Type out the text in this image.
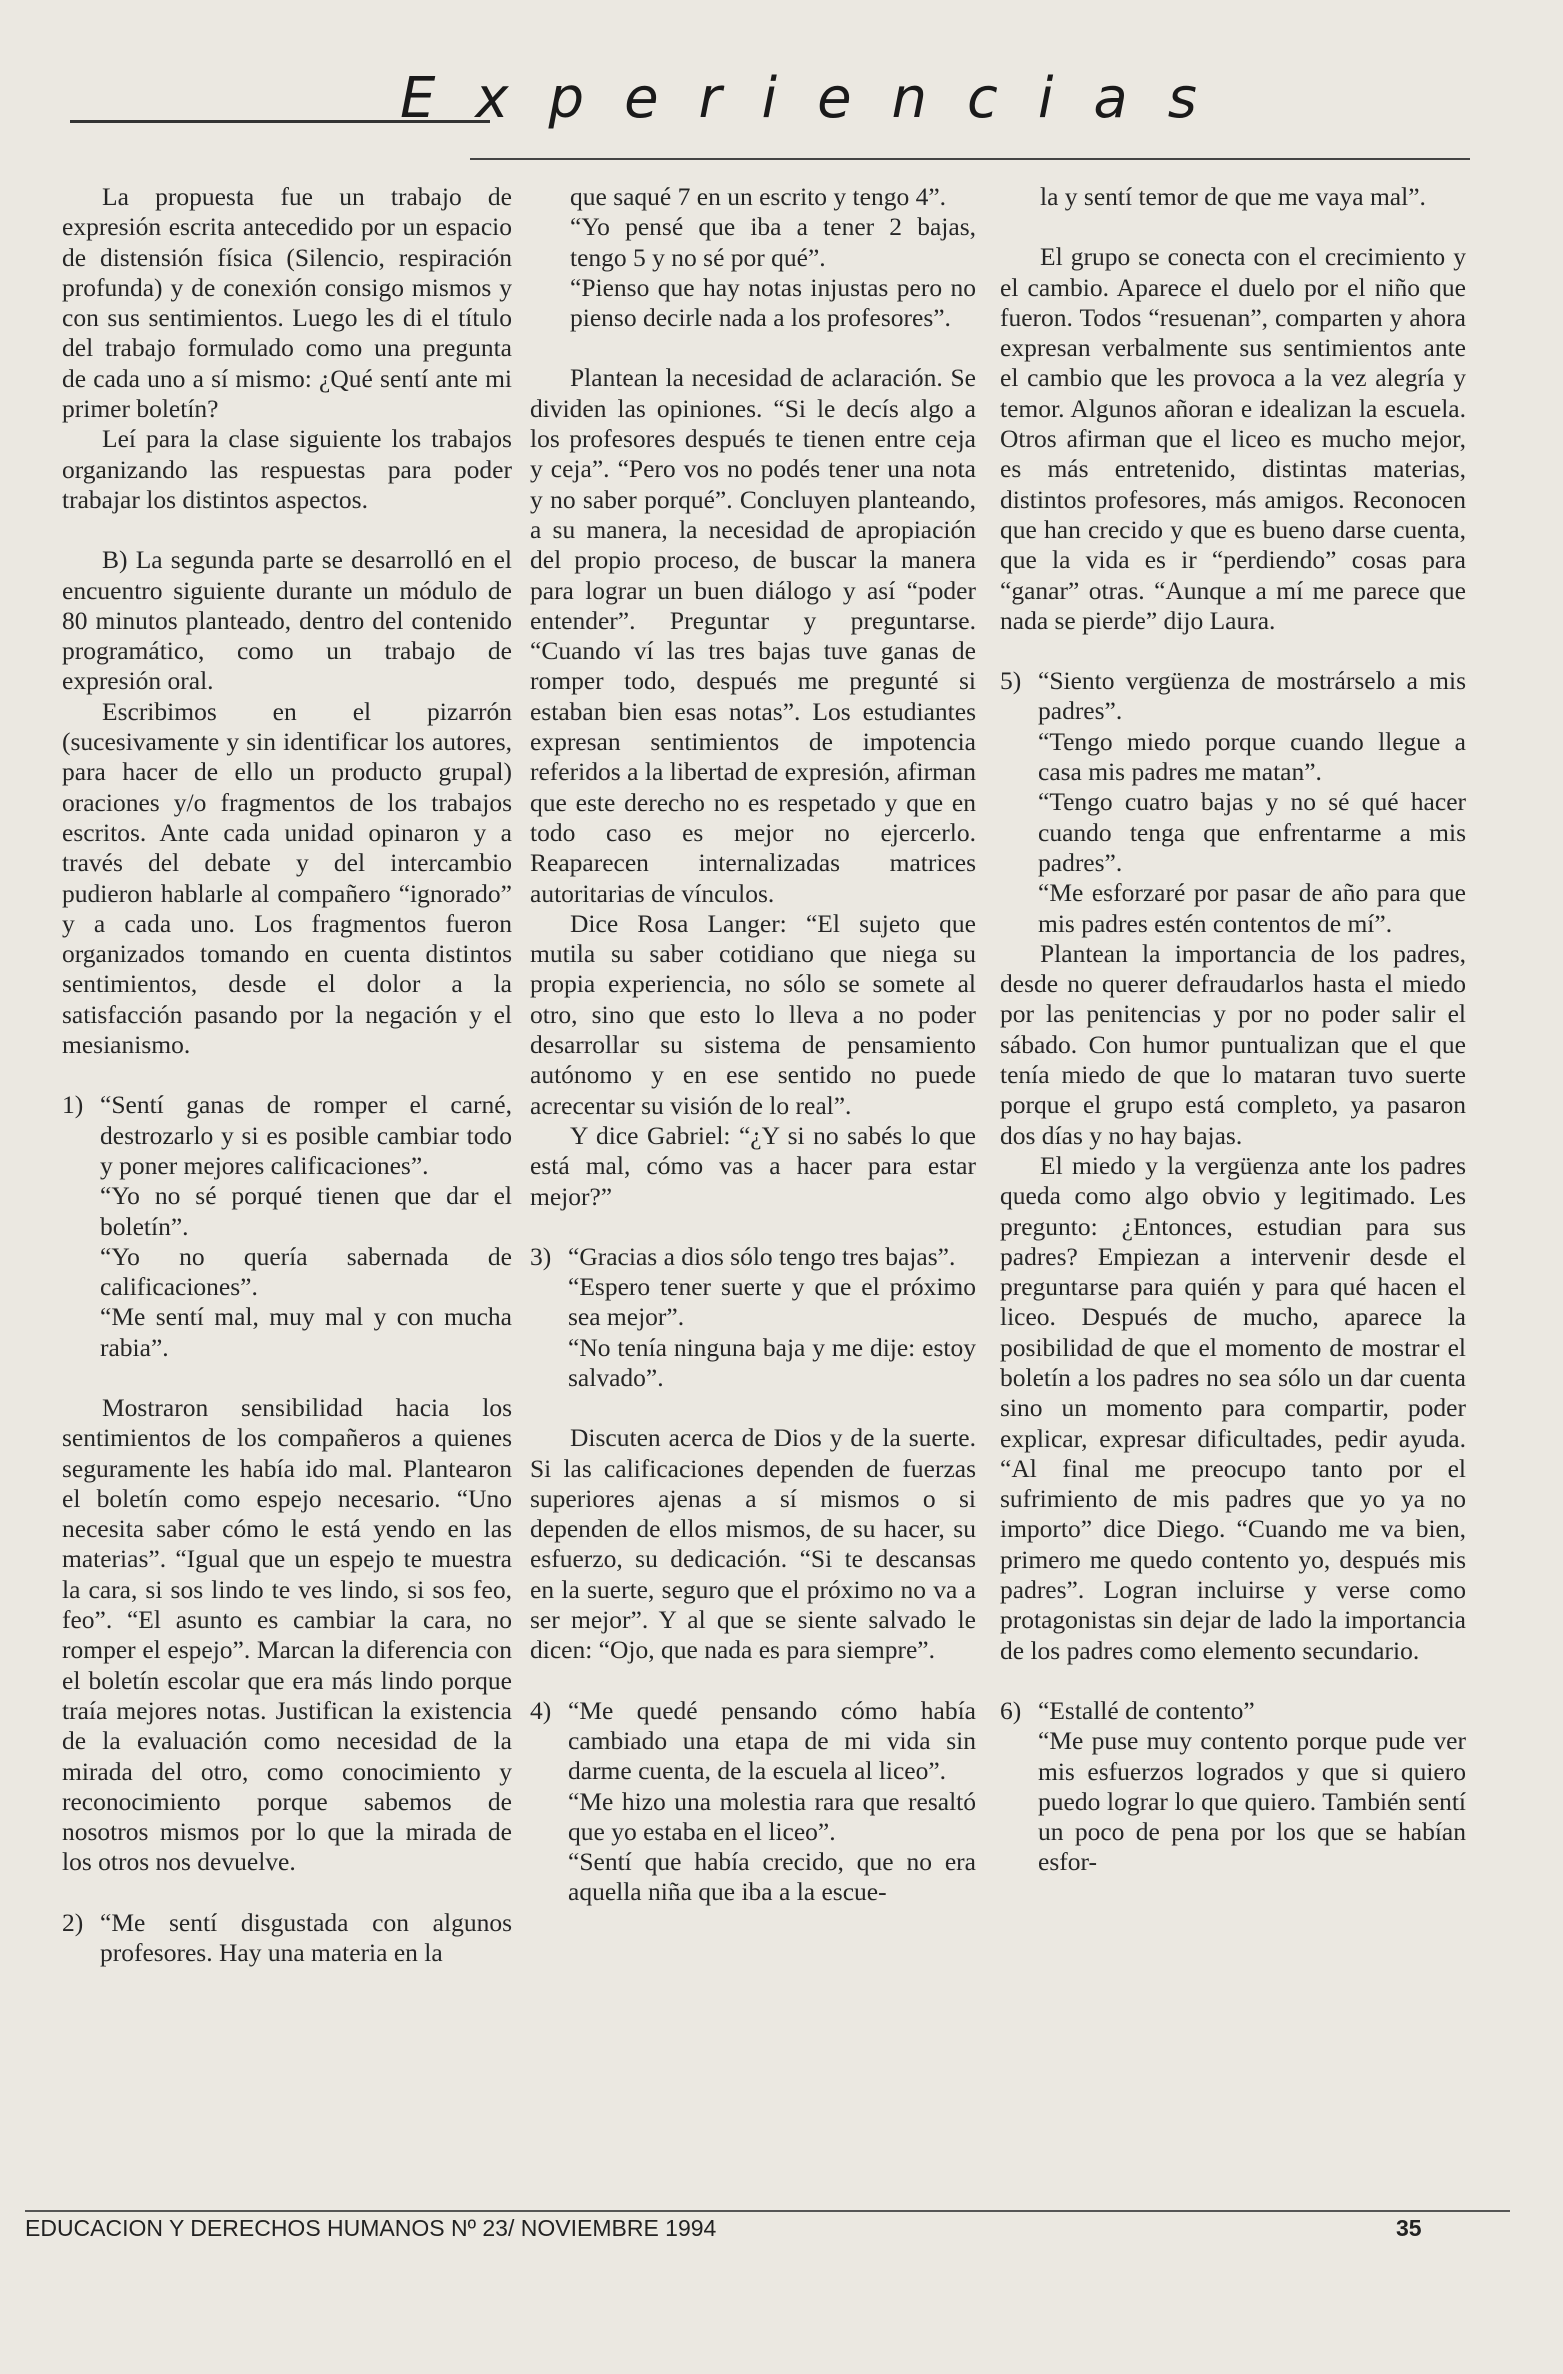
Experiencias

La propuesta fue un trabajo de expresión escrita antecedido por un espacio de distensión física (Silencio, respiración profunda) y de conexión consigo mismos y con sus sentimientos. Luego les di el título del trabajo formulado como una pregunta de cada uno a sí mismo: ¿Qué sentí ante mi primer boletín?

Leí para la clase siguiente los trabajos organizando las respuestas para poder trabajar los distintos aspectos.

B) La segunda parte se desarrolló en el encuentro siguiente durante un módulo de 80 minutos planteado, dentro del contenido programático, como un trabajo de expresión oral.

Escribimos en el pizarrón (sucesivamente y sin identificar los autores, para hacer de ello un producto grupal) oraciones y/o fragmentos de los trabajos escritos. Ante cada unidad opinaron y a través del debate y del intercambio pudieron hablarle al compañero “ignorado” y a cada uno. Los fragmentos fueron organizados tomando en cuenta distintos sentimientos, desde el dolor a la satisfacción pasando por la negación y el mesianismo.

1) “Sentí ganas de romper el carné, destrozarlo y si es posible cambiar todo y poner mejores calificaciones”.

“Yo no sé porqué tienen que dar el boletín”.

“Yo no quería sabernada de calificaciones”.

“Me sentí mal, muy mal y con mucha rabia”.

Mostraron sensibilidad hacia los sentimientos de los compañeros a quienes seguramente les había ido mal. Plantearon el boletín como espejo necesario. “Uno necesita saber cómo le está yendo en las materias”. “Igual que un espejo te muestra la cara, si sos lindo te ves lindo, si sos feo, feo”. “El asunto es cambiar la cara, no romper el espejo”. Marcan la diferencia con el boletín escolar que era más lindo porque traía mejores notas. Justifican la existencia de la evaluación como necesidad de la mirada del otro, como conocimiento y reconocimiento porque sabemos de nosotros mismos por lo que la mirada de los otros nos devuelve.

2) “Me sentí disgustada con algunos profesores. Hay una materia en la

que saqué 7 en un escrito y tengo 4”.

“Yo pensé que iba a tener 2 bajas, tengo 5 y no sé por qué”.

“Pienso que hay notas injustas pero no pienso decirle nada a los profesores”.

Plantean la necesidad de aclaración. Se dividen las opiniones. “Si le decís algo a los profesores después te tienen entre ceja y ceja”. “Pero vos no podés tener una nota y no saber porqué”. Concluyen planteando, a su manera, la necesidad de apropiación del propio proceso, de buscar la manera para lograr un buen diálogo y así “poder entender”. Preguntar y preguntarse. “Cuando ví las tres bajas tuve ganas de romper todo, después me pregunté si estaban bien esas notas”. Los estudiantes expresan sentimientos de impotencia referidos a la libertad de expresión, afirman que este derecho no es respetado y que en todo caso es mejor no ejercerlo. Reaparecen internalizadas matrices autoritarias de vínculos.

Dice Rosa Langer: “El sujeto que mutila su saber cotidiano que niega su propia experiencia, no sólo se somete al otro, sino que esto lo lleva a no poder desarrollar su sistema de pensamiento autónomo y en ese sentido no puede acrecentar su visión de lo real”.

Y dice Gabriel: “¿Y si no sabés lo que está mal, cómo vas a hacer para estar mejor?”

3) “Gracias a dios sólo tengo tres bajas”.

“Espero tener suerte y que el próximo sea mejor”.

“No tenía ninguna baja y me dije: estoy salvado”.

Discuten acerca de Dios y de la suerte. Si las calificaciones dependen de fuerzas superiores ajenas a sí mismos o si dependen de ellos mismos, de su hacer, su esfuerzo, su dedicación. “Si te descansas en la suerte, seguro que el próximo no va a ser mejor”. Y al que se siente salvado le dicen: “Ojo, que nada es para siempre”.

4) “Me quedé pensando cómo había cambiado una etapa de mi vida sin darme cuenta, de la escuela al liceo”.

“Me hizo una molestia rara que resaltó que yo estaba en el liceo”.

“Sentí que había crecido, que no era aquella niña que iba a la escue-

la y sentí temor de que me vaya mal”.

El grupo se conecta con el crecimiento y el cambio. Aparece el duelo por el niño que fueron. Todos “resuenan”, comparten y ahora expresan verbalmente sus sentimientos ante el cambio que les provoca a la vez alegría y temor. Algunos añoran e idealizan la escuela. Otros afirman que el liceo es mucho mejor, es más entretenido, distintas materias, distintos profesores, más amigos. Reconocen que han crecido y que es bueno darse cuenta, que la vida es ir “perdiendo” cosas para “ganar” otras. “Aunque a mí me parece que nada se pierde” dijo Laura.

5) “Siento vergüenza de mostrárselo a mis padres”.

“Tengo miedo porque cuando llegue a casa mis padres me matan”.

“Tengo cuatro bajas y no sé qué hacer cuando tenga que enfrentarme a mis padres”.

“Me esforzaré por pasar de año para que mis padres estén contentos de mí”.

Plantean la importancia de los padres, desde no querer defraudarlos hasta el miedo por las penitencias y por no poder salir el sábado. Con humor puntualizan que el que tenía miedo de que lo mataran tuvo suerte porque el grupo está completo, ya pasaron dos días y no hay bajas.

El miedo y la vergüenza ante los padres queda como algo obvio y legitimado. Les pregunto: ¿Entonces, estudian para sus padres? Empiezan a intervenir desde el preguntarse para quién y para qué hacen el liceo. Después de mucho, aparece la posibilidad de que el momento de mostrar el boletín a los padres no sea sólo un dar cuenta sino un momento para compartir, poder explicar, expresar dificultades, pedir ayuda. “Al final me preocupo tanto por el sufrimiento de mis padres que yo ya no importo” dice Diego. “Cuando me va bien, primero me quedo contento yo, después mis padres”. Logran incluirse y verse como protagonistas sin dejar de lado la importancia de los padres como elemento secundario.

6) “Estallé de contento”

“Me puse muy contento porque pude ver mis esfuerzos logrados y que si quiero puedo lograr lo que quiero. También sentí un poco de pena por los que se habían esfor-

EDUCACION Y DERECHOS HUMANOS Nº 23/ NOVIEMBRE 1994	35
